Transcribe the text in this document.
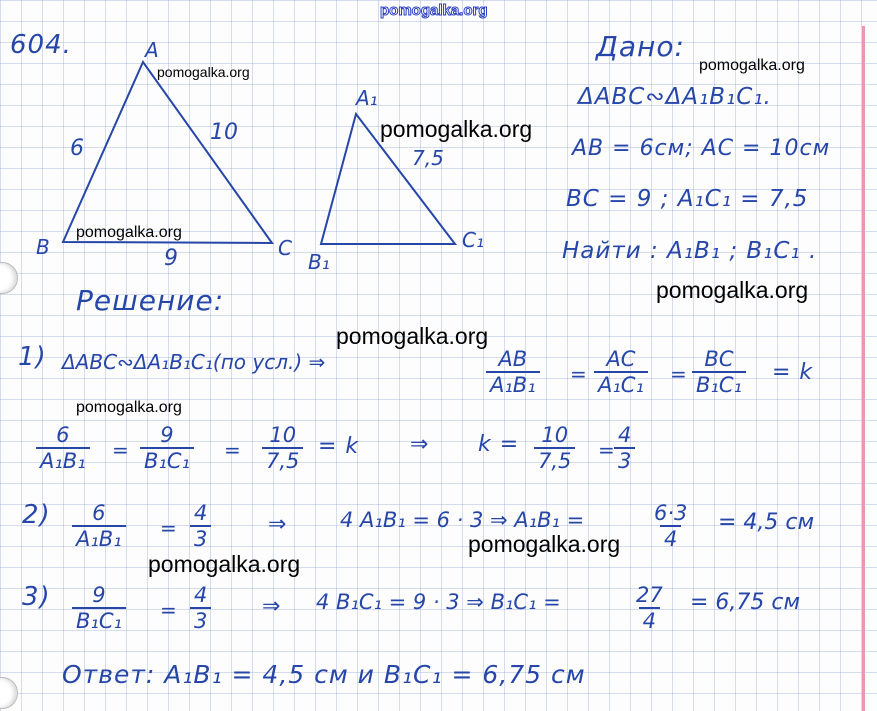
pomogalka.org
604.	A
B	C
6
10
9
A₁
B₁
C₁
7,5
Дано:
ΔABC∾ΔA₁B₁C₁.
AB = 6см; AC = 10см
BC = 9 ; A₁C₁ = 7,5
Найти : A₁B₁ ; B₁C₁ .
Решение:
1) ΔABC∾ΔA₁B₁C₁(по усл.) ⇒	$\frac{AB}{\text{A₁B₁}} = \frac{AC}{\text{A₁C₁}} = \frac{BC}{\text{B₁C₁}} = k$
$\frac{6}{\text{A₁B₁}} = \frac{9}{\text{B₁C₁}} = \frac{10}{7,5} = k$ ⇒ $k = \frac{10}{7,5}$ =
$\frac{4}{3}$
$2) \frac{6}{\text{A₁B₁}} = \frac{4}{3}$	⇒	4 A₁B₁ = 6 · 3 ⇒ A₁B₁ =	$\frac{6\cdot 3}{4} = 4,5$ см
$3) \frac{9}{\text{B₁C₁}} = \frac{4}{3}$ ⇒ 4 B₁C₁ = 9 · 3 ⇒ B₁C₁ =	$\frac{27}{4} = 6,75$ см
Ответ: A₁B₁ = 4,5 см и B₁C₁ = 6,75 см
pomogalka.org	pomogalka.org
pomogalka.org
pomogalka.org
pomogalka.org
pomogalka.org
pomogalka.org
pomogalka.org
pomogalka.org
